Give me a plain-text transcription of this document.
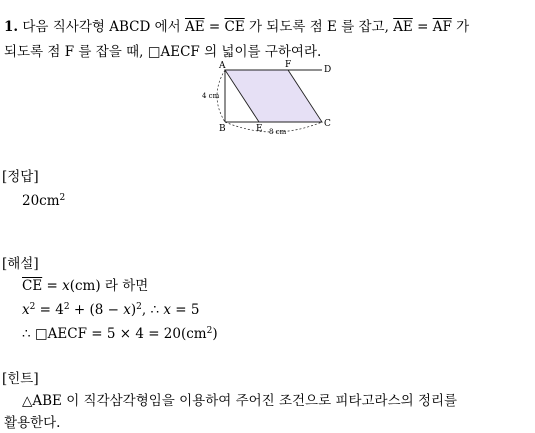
1. 다음 직사각형 ABCD 에서 $\overline{AE} = \overline{CE}$ 가 되도록 점 E 를 잡고, $\overline{AE} = \overline{AF}$ 가
되도록 점 F 를 잡을 때, □AECF 의 넓이를 구하여라.
A	F	D
B	E	C
4 cm
8 cm
[정답]
$20cm^2$
[해설]
$\overline{CE} = x(cm)$ 라 하면
$x^2 = 4^2 + (8 - x)^2$, ∴ x = 5
∴ □AECF = $5 \times 4 = 20(cm^2)$
[힌트]
△ABE 이 직각삼각형임을 이용하여 주어진 조건으로 피타고라스의 정리를
활용한다.
